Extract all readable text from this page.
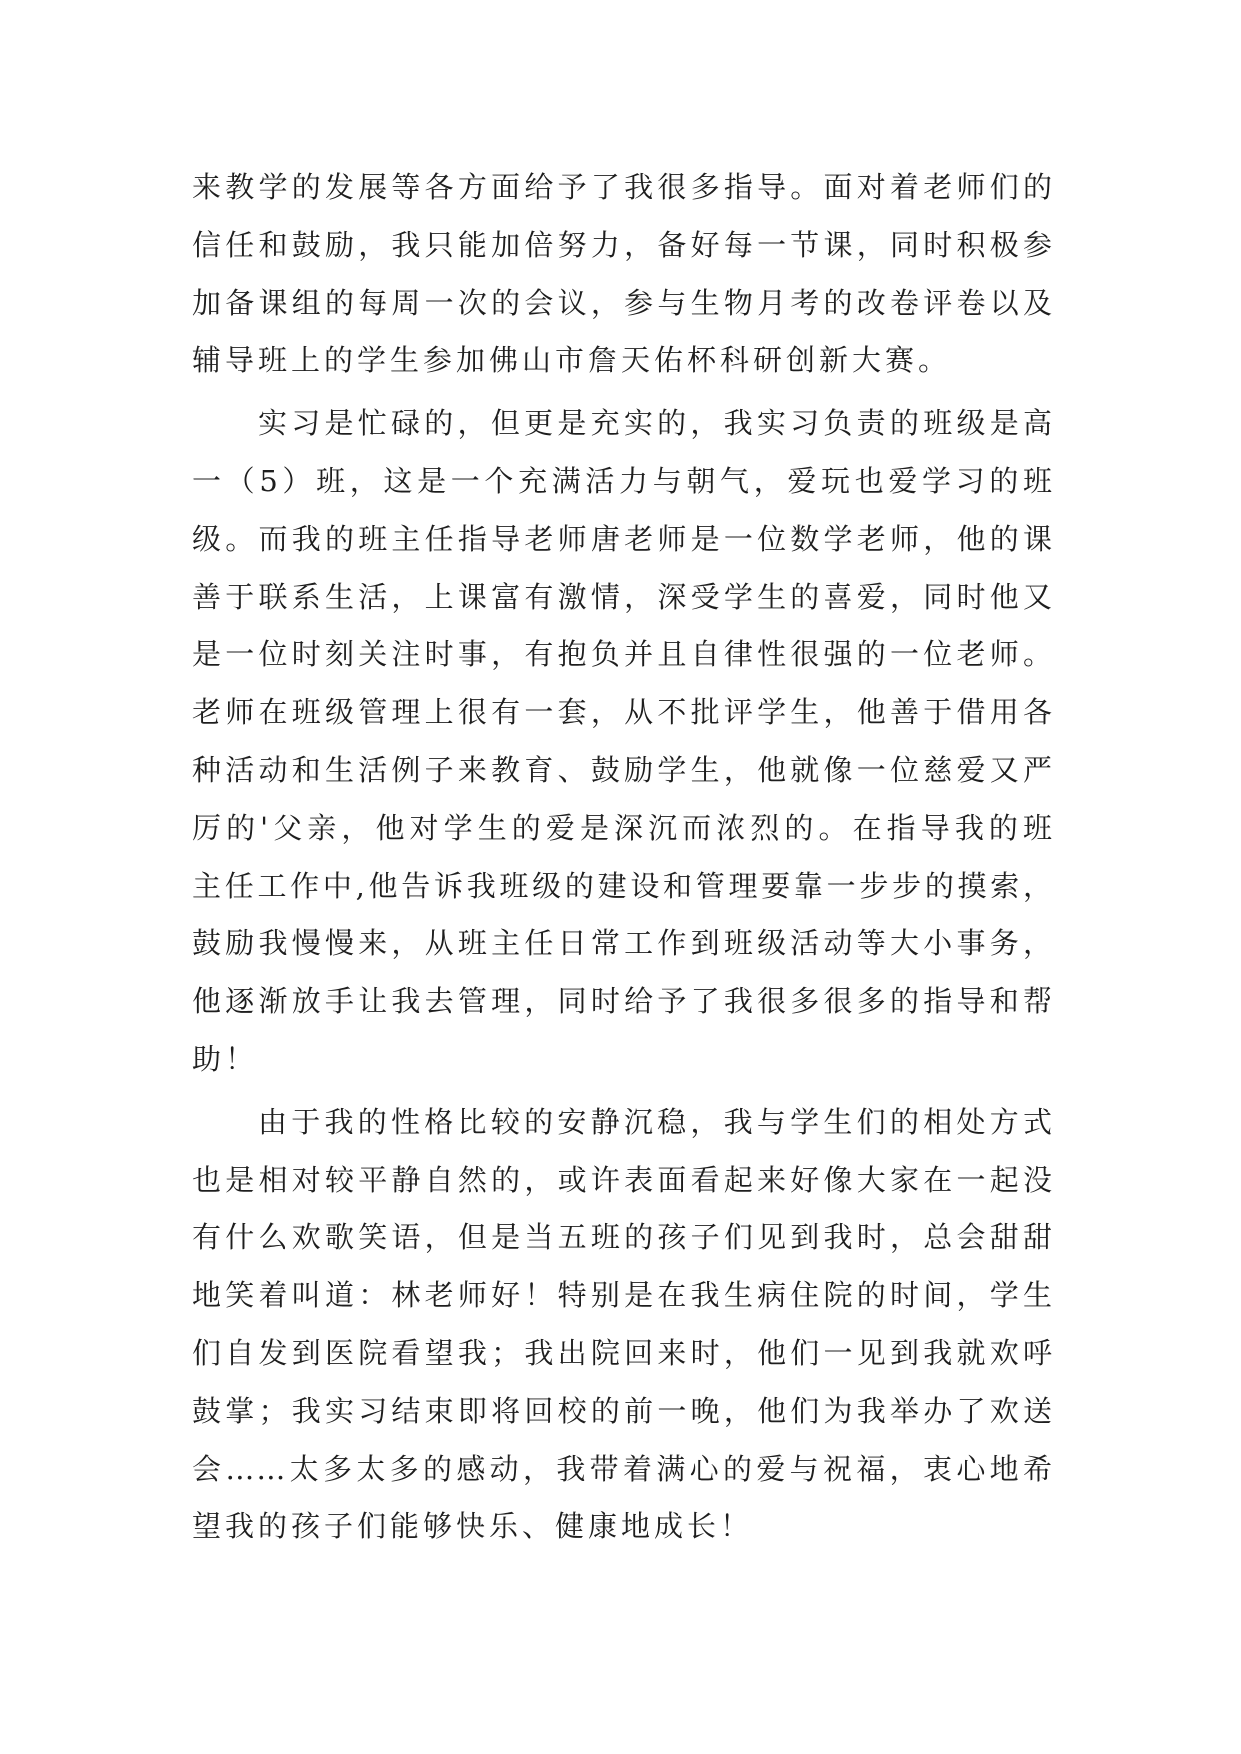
来教学的发展等各方面给予了我很多指导。面对着老师们的
信任和鼓励，我只能加倍努力，备好每一节课，同时积极参
加备课组的每周一次的会议，参与生物月考的改卷评卷以及
辅导班上的学生参加佛山市詹天佑杯科研创新大赛。
实习是忙碌的，但更是充实的，我实习负责的班级是高
一（5）班，这是一个充满活力与朝气，爱玩也爱学习的班
级。而我的班主任指导老师唐老师是一位数学老师，他的课
善于联系生活，上课富有激情，深受学生的喜爱，同时他又
是一位时刻关注时事，有抱负并且自律性很强的一位老师。
老师在班级管理上很有一套，从不批评学生，他善于借用各
种活动和生活例子来教育、鼓励学生，他就像一位慈爱又严
厉的'父亲，他对学生的爱是深沉而浓烈的。在指导我的班
主任工作中,他告诉我班级的建设和管理要靠一步步的摸索，
鼓励我慢慢来，从班主任日常工作到班级活动等大小事务，
他逐渐放手让我去管理，同时给予了我很多很多的指导和帮
助！
由于我的性格比较的安静沉稳，我与学生们的相处方式
也是相对较平静自然的，或许表面看起来好像大家在一起没
有什么欢歌笑语，但是当五班的孩子们见到我时，总会甜甜
地笑着叫道：林老师好！特别是在我生病住院的时间，学生
们自发到医院看望我；我出院回来时，他们一见到我就欢呼
鼓掌；我实习结束即将回校的前一晚，他们为我举办了欢送
会……太多太多的感动，我带着满心的爱与祝福，衷心地希
望我的孩子们能够快乐、健康地成长！
